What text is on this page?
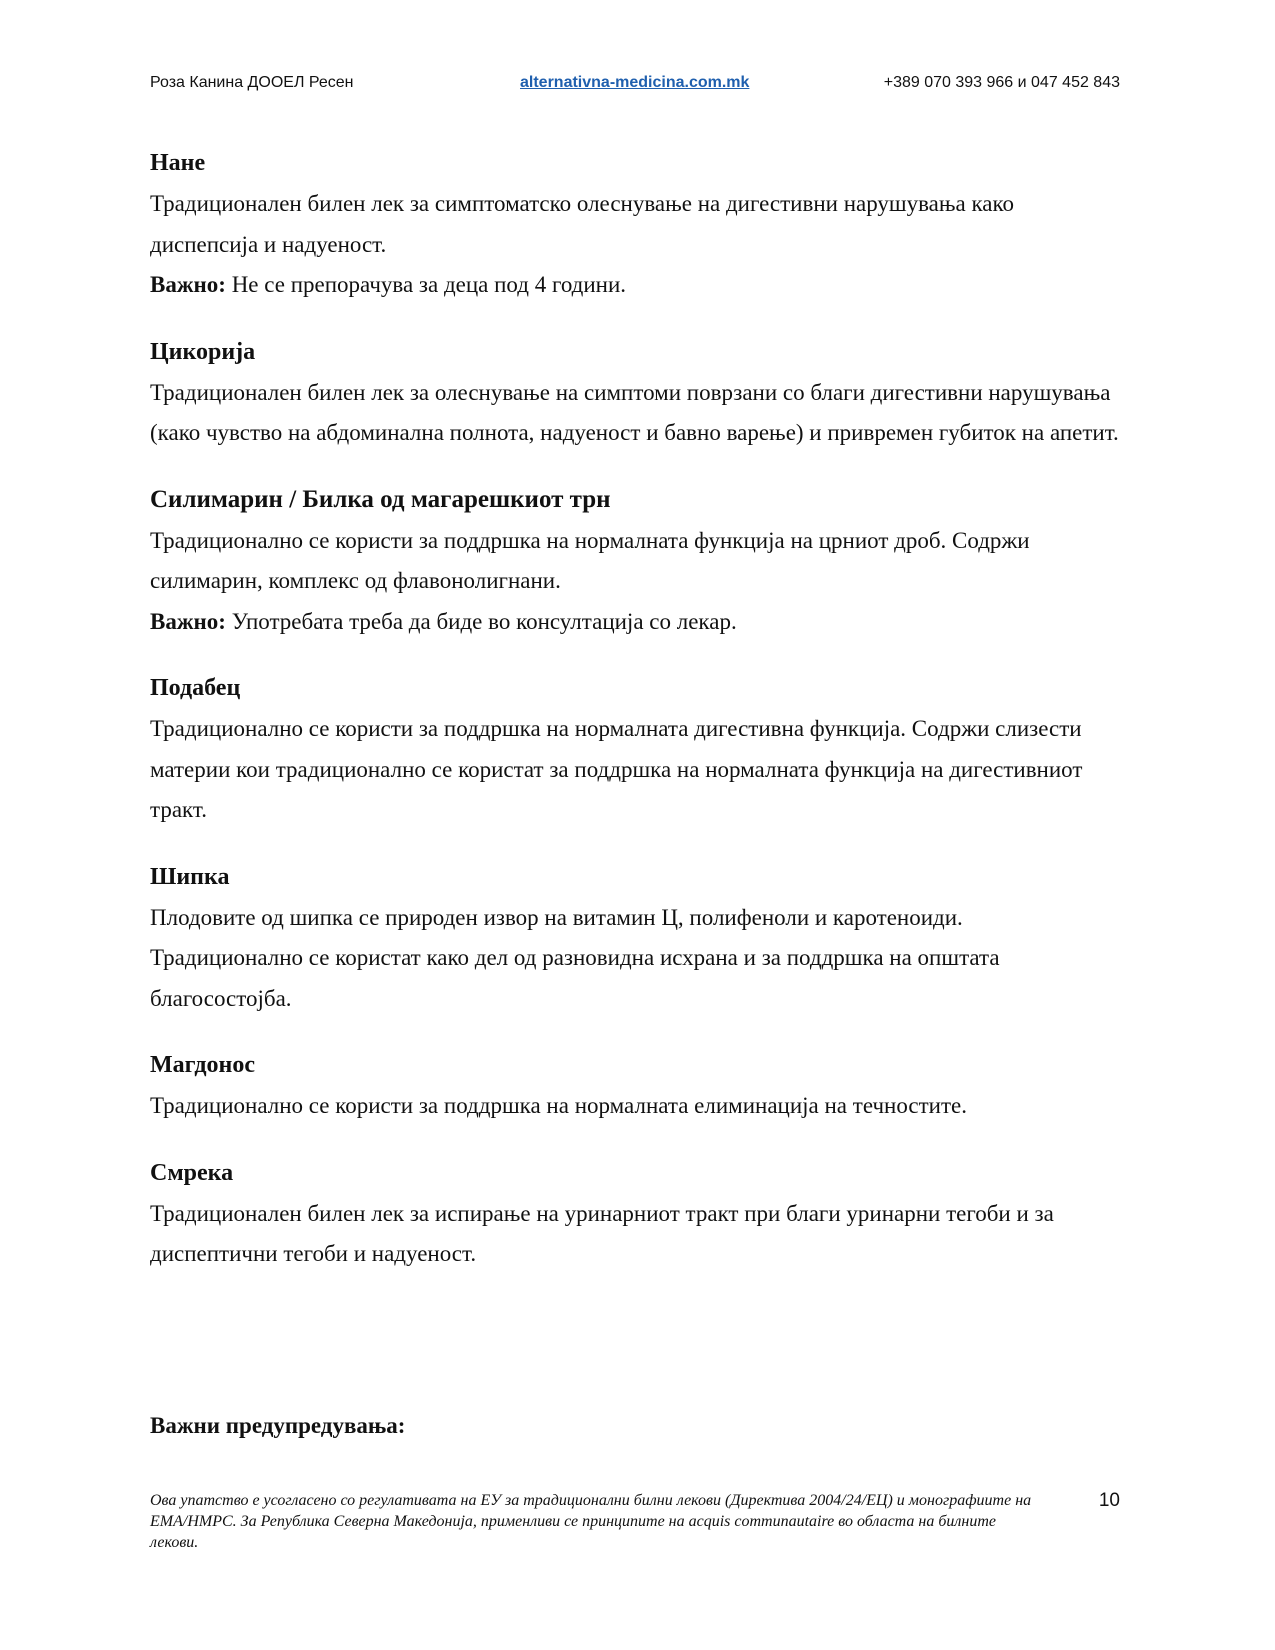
Роза Канина ДООЕЛ Ресен	alternativna-medicina.com.mk	+389 070 393 966 и 047 452 843
Нане

Традиционален билен лек за симптоматско олеснување на дигестивни нарушувања како диспепсија и надуеност.

Важно: Не се препорачува за деца под 4 години.

Цикорија

Традиционален билен лек за олеснување на симптоми поврзани со благи дигестивни нарушувања (како чувство на абдоминална полнота, надуеност и бавно варење) и привремен губиток на апетит.

Силимарин / Билка од магарешкиот трн

Традиционално се користи за поддршка на нормалната функција на црниот дроб. Содржи силимарин, комплекс од флавонолигнани.

Важно: Употребата треба да биде во консултација со лекар.

Подабец

Традиционално се користи за поддршка на нормалната дигестивна функција. Содржи слизести материи кои традиционално се користат за поддршка на нормалната функција на дигестивниот тракт.

Шипка

Плодовите од шипка се природен извор на витамин Ц, полифеноли и каротеноиди. Традиционално се користат како дел од разновидна исхрана и за поддршка на општата благосостојба.

Магдонос

Традиционално се користи за поддршка на нормалната елиминација на течностите.

Смрека

Традиционален билен лек за испирање на уринарниот тракт при благи уринарни тегоби и за диспептични тегоби и надуеност.

Важни предупредувања:
Ова упатство е усогласено со регулативата на ЕУ за традиционални билни лекови (Директива 2004/24/ЕЦ) и монографиите на EMA/HMPC. За Република Северна Македонија, применливи се принципите на acquis communautaire во областа на билните лекови.
10
